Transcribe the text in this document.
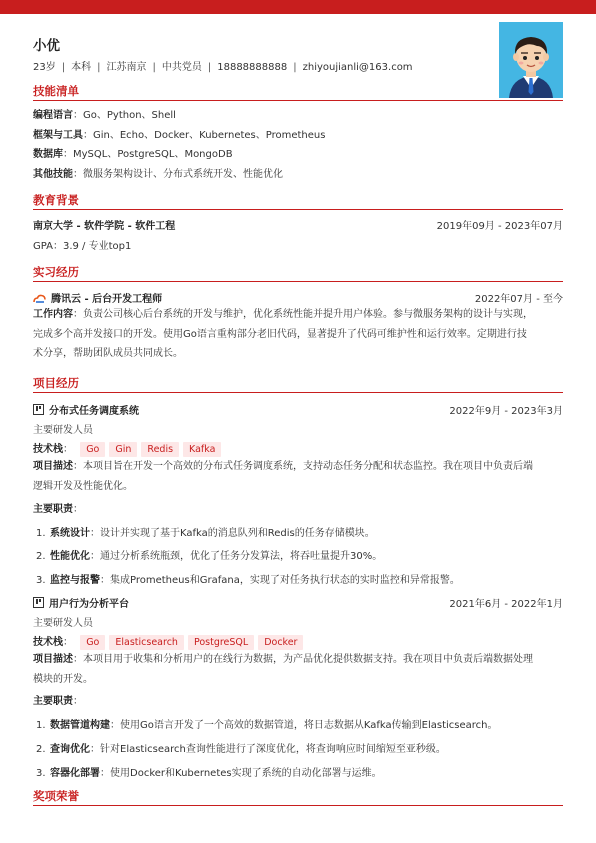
小优
23岁 | 本科 | 江苏南京 | 中共党员 | 18888888888 | zhiyoujianli@163.com
技能清单
编程语言：Go、Python、Shell
框架与工具：Gin、Echo、Docker、Kubernetes、Prometheus
数据库：MySQL、PostgreSQL、MongoDB
其他技能：微服务架构设计、分布式系统开发、性能优化
教育背景
南京大学 - 软件学院 - 软件工程	2019年09月 - 2023年07月
GPA：3.9 / 专业top1
实习经历
腾讯云 - 后台开发工程师	2022年07月 - 至今
工作内容：负责公司核心后台系统的开发与维护，优化系统性能并提升用户体验。参与微服务架构的设计与实现，
完成多个高并发接口的开发。使用Go语言重构部分老旧代码，显著提升了代码可维护性和运行效率。定期进行技
术分享，帮助团队成员共同成长。
项目经历
分布式任务调度系统	2022年9月 - 2023年3月
主要研发人员
技术栈： Go Gin Redis Kafka
项目描述：本项目旨在开发一个高效的分布式任务调度系统，支持动态任务分配和状态监控。我在项目中负责后端
逻辑开发及性能优化。
主要职责：
1. 系统设计：设计并实现了基于Kafka的消息队列和Redis的任务存储模块。
2. 性能优化：通过分析系统瓶颈，优化了任务分发算法，将吞吐量提升30%。
3. 监控与报警：集成Prometheus和Grafana，实现了对任务执行状态的实时监控和异常报警。
用户行为分析平台	2021年6月 - 2022年1月
主要研发人员
技术栈： Go Elasticsearch PostgreSQL Docker
项目描述：本项目用于收集和分析用户的在线行为数据，为产品优化提供数据支持。我在项目中负责后端数据处理
模块的开发。
主要职责：
1. 数据管道构建：使用Go语言开发了一个高效的数据管道，将日志数据从Kafka传输到Elasticsearch。
2. 查询优化：针对Elasticsearch查询性能进行了深度优化，将查询响应时间缩短至亚秒级。
3. 容器化部署：使用Docker和Kubernetes实现了系统的自动化部署与运维。
奖项荣誉
